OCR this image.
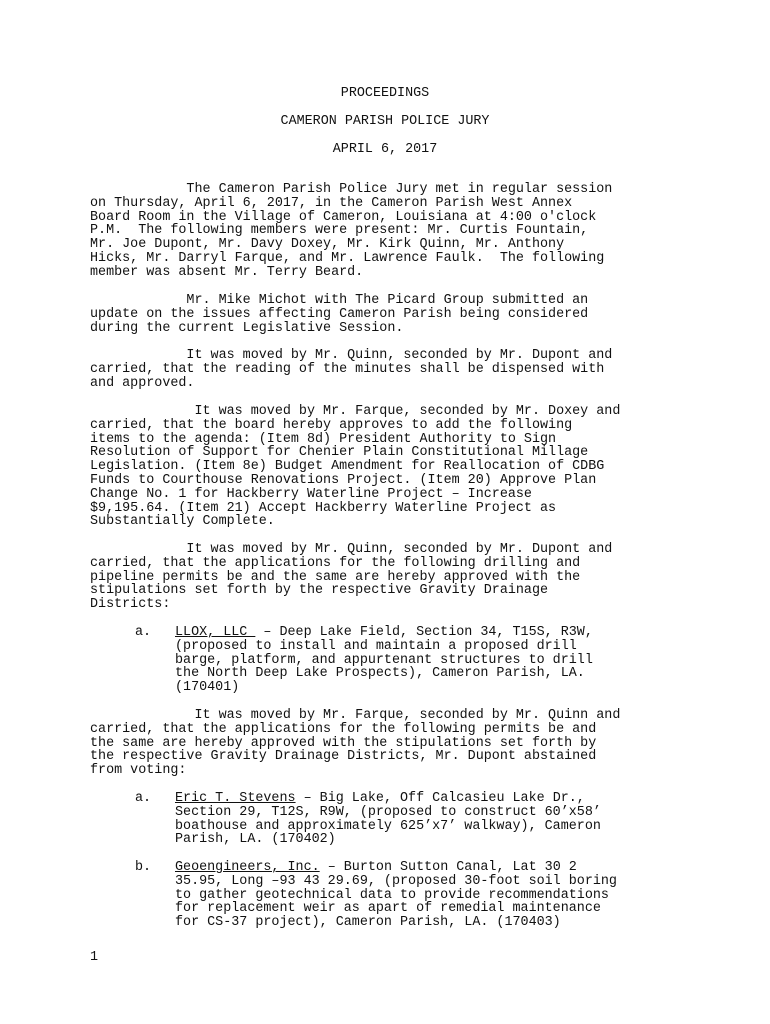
PROCEEDINGS
CAMERON PARISH POLICE JURY
APRIL 6, 2017
The Cameron Parish Police Jury met in regular session
on Thursday, April 6, 2017, in the Cameron Parish West Annex
Board Room in the Village of Cameron, Louisiana at 4:00 o'clock
P.M.  The following members were present: Mr. Curtis Fountain,
Mr. Joe Dupont, Mr. Davy Doxey, Mr. Kirk Quinn, Mr. Anthony
Hicks, Mr. Darryl Farque, and Mr. Lawrence Faulk.  The following
member was absent Mr. Terry Beard.
Mr. Mike Michot with The Picard Group submitted an
update on the issues affecting Cameron Parish being considered
during the current Legislative Session.
It was moved by Mr. Quinn, seconded by Mr. Dupont and
carried, that the reading of the minutes shall be dispensed with
and approved.
It was moved by Mr. Farque, seconded by Mr. Doxey and
carried, that the board hereby approves to add the following
items to the agenda: (Item 8d) President Authority to Sign
Resolution of Support for Chenier Plain Constitutional Millage
Legislation. (Item 8e) Budget Amendment for Reallocation of CDBG
Funds to Courthouse Renovations Project. (Item 20) Approve Plan
Change No. 1 for Hackberry Waterline Project – Increase
$9,195.64. (Item 21) Accept Hackberry Waterline Project as
Substantially Complete.
It was moved by Mr. Quinn, seconded by Mr. Dupont and
carried, that the applications for the following drilling and
pipeline permits be and the same are hereby approved with the
stipulations set forth by the respective Gravity Drainage
Districts:
a. LLOX, LLC  – Deep Lake Field, Section 34, T15S, R3W,
(proposed to install and maintain a proposed drill
barge, platform, and appurtenant structures to drill
the North Deep Lake Prospects), Cameron Parish, LA.
(170401)
It was moved by Mr. Farque, seconded by Mr. Quinn and
carried, that the applications for the following permits be and
the same are hereby approved with the stipulations set forth by
the respective Gravity Drainage Districts, Mr. Dupont abstained
from voting:
a. Eric T. Stevens – Big Lake, Off Calcasieu Lake Dr.,
Section 29, T12S, R9W, (proposed to construct 60’x58’
boathouse and approximately 625’x7’ walkway), Cameron
Parish, LA. (170402)
b. Geoengineers, Inc. – Burton Sutton Canal, Lat 30 2
35.95, Long –93 43 29.69, (proposed 30-foot soil boring
to gather geotechnical data to provide recommendations
for replacement weir as apart of remedial maintenance
for CS-37 project), Cameron Parish, LA. (170403)
1
